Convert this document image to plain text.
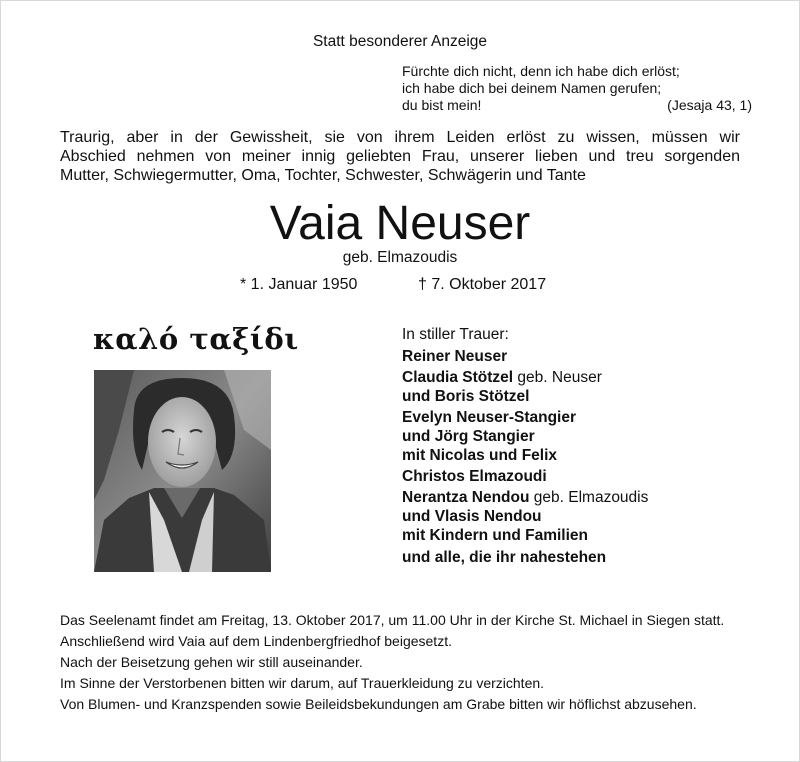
Statt besonderer Anzeige
Fürchte dich nicht, denn ich habe dich erlöst;
ich habe dich bei deinem Namen gerufen;
du bist mein!	(Jesaja 43, 1)
Traurig, aber in der Gewissheit, sie von ihrem Leiden erlöst zu wissen, müssen wir
Abschied nehmen von meiner innig geliebten Frau, unserer lieben und treu sorgenden
Mutter, Schwiegermutter, Oma, Tochter, Schwester, Schwägerin und Tante
Vaia Neuser
geb. Elmazoudis
* 1. Januar 1950	† 7. Oktober 2017
καλό ταξίδι	In stiller Trauer:
Reiner Neuser
Claudia Stötzel geb. Neuser
und Boris Stötzel
Evelyn Neuser-Stangier
und Jörg Stangier
mit Nicolas und Felix
Christos Elmazoudi
Nerantza Nendou geb. Elmazoudis
und Vlasis Nendou
mit Kindern und Familien
und alle, die ihr nahestehen

Das Seelenamt findet am Freitag, 13. Oktober 2017, um 11.00 Uhr in der Kirche St. Michael in Siegen statt.

Anschließend wird Vaia auf dem Lindenbergfriedhof beigesetzt.

Nach der Beisetzung gehen wir still auseinander.

Im Sinne der Verstorbenen bitten wir darum, auf Trauerkleidung zu verzichten.

Von Blumen- und Kranzspenden sowie Beileidsbekundungen am Grabe bitten wir höflichst abzusehen.
